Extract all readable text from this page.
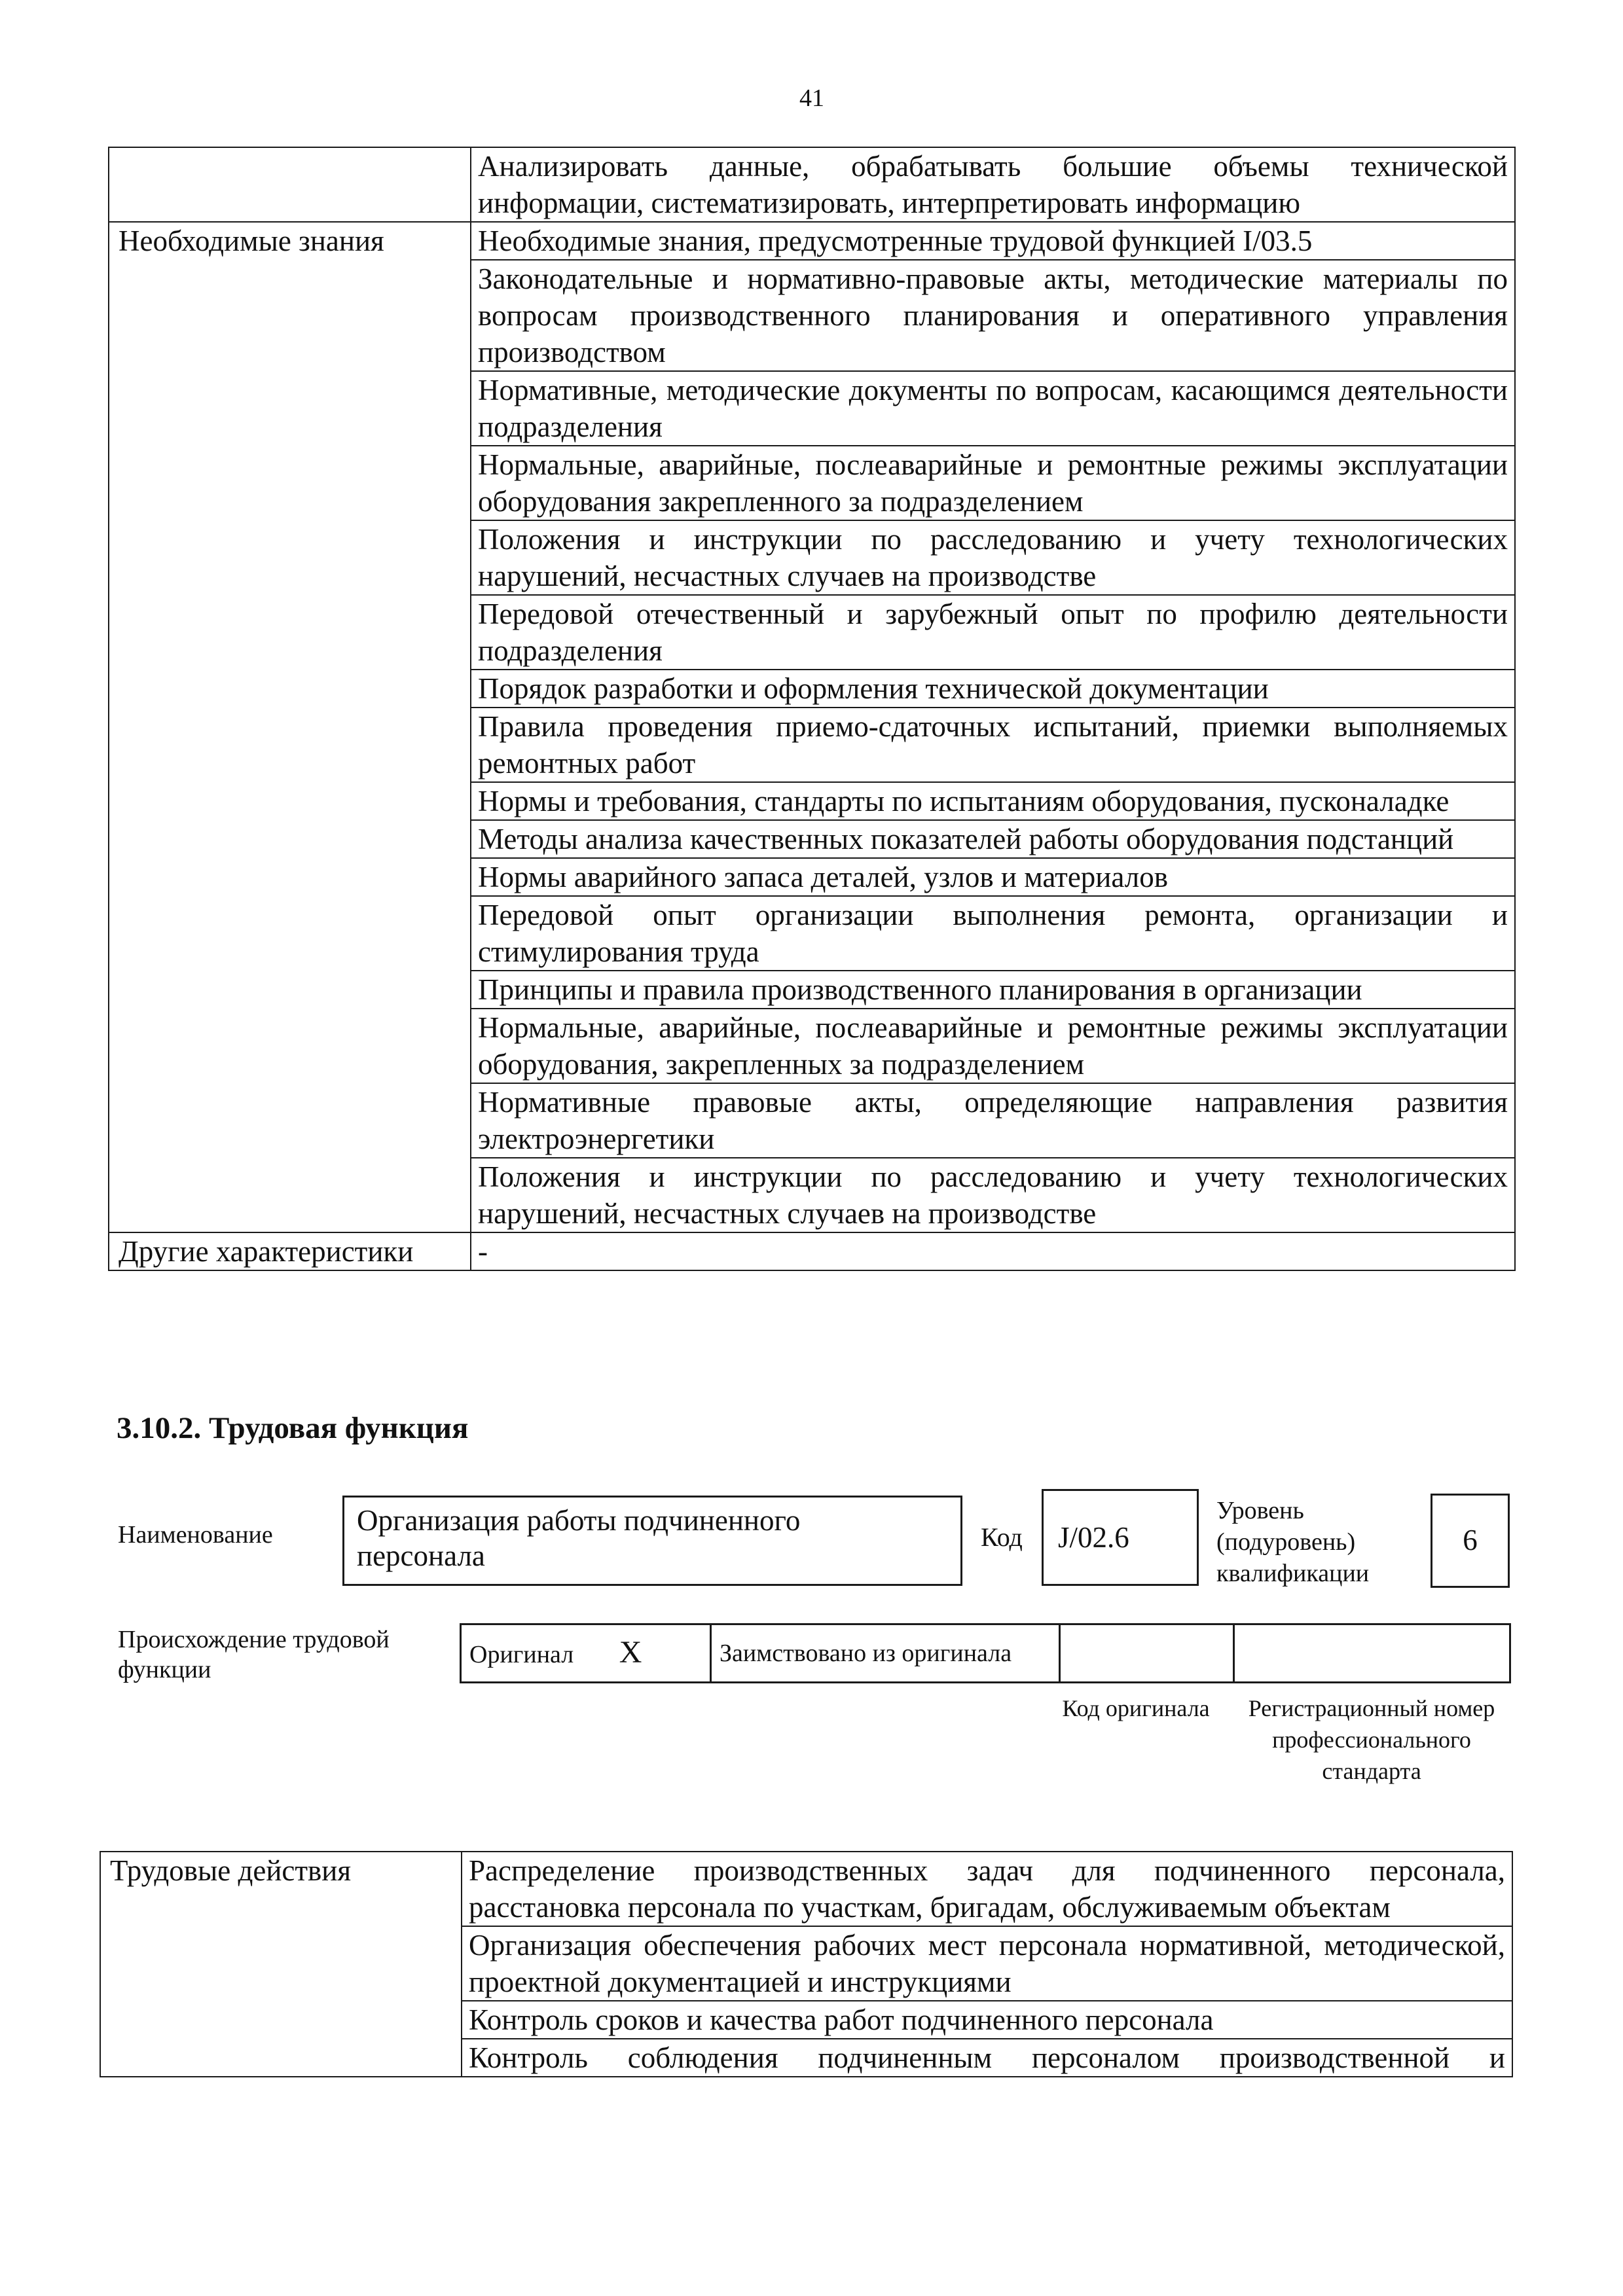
41
	Анализировать данные, обрабатывать большие объемы технической информации, систематизировать, интерпретировать информацию
Необходимые знания	Необходимые знания, предусмотренные трудовой функцией I/03.5
	Законодательные и нормативно-правовые акты, методические материалы по вопросам производственного планирования и оперативного управления производством
	Нормативные, методические документы по вопросам, касающимся деятельности подразделения
	Нормальные, аварийные, послеаварийные и ремонтные режимы эксплуатации оборудования закрепленного за подразделением
	Положения и инструкции по расследованию и учету технологических нарушений, несчастных случаев на производстве
	Передовой отечественный и зарубежный опыт по профилю деятельности подразделения
	Порядок разработки и оформления технической документации
	Правила проведения приемо-сдаточных испытаний, приемки выполняемых ремонтных работ
	Нормы и требования, стандарты по испытаниям оборудования, пусконаладке
	Методы анализа качественных показателей работы оборудования подстанций
	Нормы аварийного запаса деталей, узлов и материалов
	Передовой опыт организации выполнения ремонта, организации и стимулирования труда
	Принципы и правила производственного планирования в организации
	Нормальные, аварийные, послеаварийные и ремонтные режимы эксплуатации оборудования, закрепленных за подразделением
	Нормативные правовые акты, определяющие направления развития электроэнергетики
	Положения и инструкции по расследованию и учету технологических нарушений, несчастных случаев на производстве
Другие характеристики	-
3.10.2. Трудовая функция
Наименование	Организация работы подчиненного персонала
Код J/02.6
Уровень (подуровень) квалификации
6
Происхождение трудовой функции
Оригинал X	Заимствовано из оригинала		
Код оригинала	Регистрационный номер профессионального стандарта
Трудовые действия	Распределение производственных задач для подчиненного персонала, расстановка персонала по участкам, бригадам, обслуживаемым объектам
Организация обеспечения рабочих мест персонала нормативной, методической, проектной документацией и инструкциями
Контроль сроков и качества работ подчиненного персонала
Контроль соблюдения подчиненным персоналом производственной и
